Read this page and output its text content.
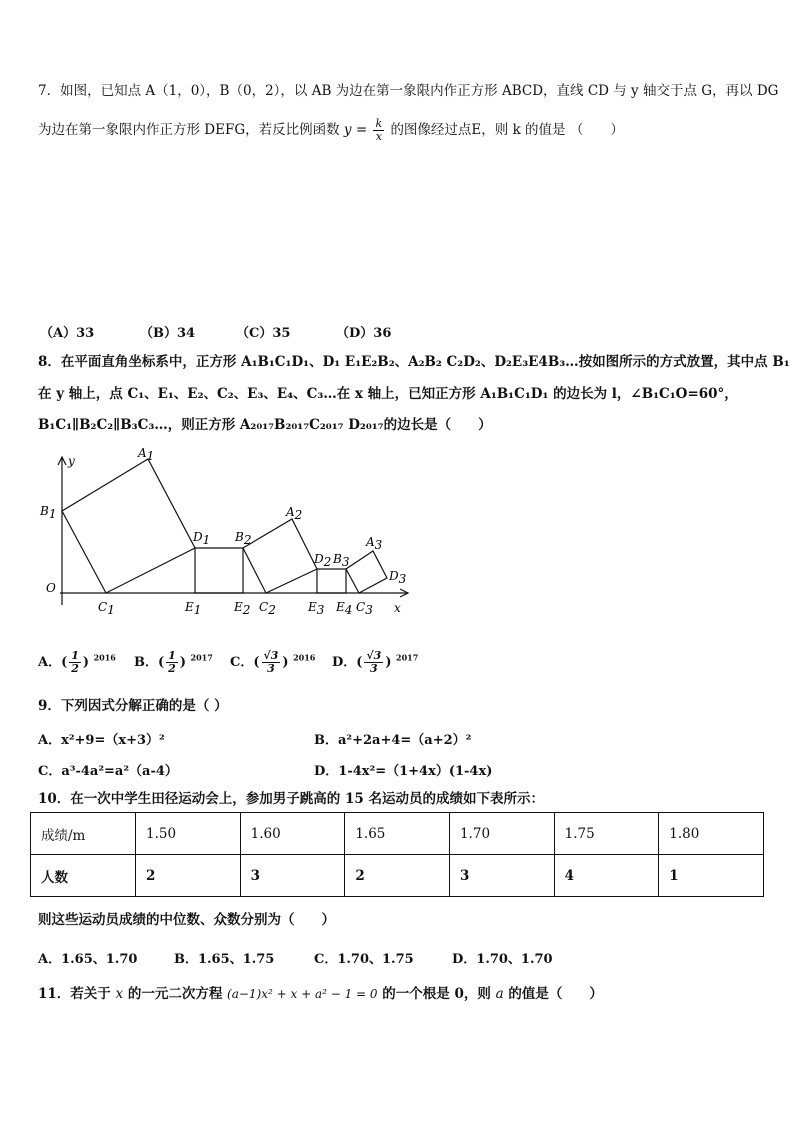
7．如图，已知点 A（1，0），B（0，2），以 AB 为边在第一象限内作正方形 ABCD，直线 CD 与 y 轴交于点 G，再以 DG
为边在第一象限内作正方形 DEFG，若反比例函数 $y = \frac{k}{x}$ 的图像经过点E，则 k 的值是 （　　）
（A）33	（B）34	（C）35	（D）36
8．在平面直角坐标系中，正方形 A₁B₁C₁D₁、D₁ E₁E₂B₂、A₂B₂ C₂D₂、D₂E₃E4B₃…按如图所示的方式放置，其中点 B₁
在 y 轴上，点 C₁、E₁、E₂、C₂、E₃、E₄、C₃…在 x 轴上，已知正方形 A₁B₁C₁D₁ 的边长为 l，∠B₁C₁O=60°，
B₁C₁∥B₂C₂∥B₃C₃…，则正方形 A₂₀₁₇B₂₀₁₇C₂₀₁₇ D₂₀₁₇的边长是（　　）
y
x
O
A1
B1
C1
D1
E1	E2
B2
A2
C2
D2
E3
B3
A3
E4 C3
D3
A．( $\frac{1}{2}$ ) $^{2016}$ B．( $\frac{1}{2}$ ) $^{2017}$ C．( $\frac{√3}{3}$ ) $^{2016}$ D．( $\frac{√3}{3}$ ) $^{2017}$
9．下列因式分解正确的是（ ）
A．x²+9=（x+3）²	B．a²+2a+4=（a+2）²
C．a³-4a²=a²（a-4）	D．1-4x²=（1+4x）(1-4x)
10．在一次中学生田径运动会上，参加男子跳高的 15 名运动员的成绩如下表所示：
成绩/m	1.50	1.60	1.65	1.70	1.75	1.80
人数	2	3	2	3	4	1
则这些运动员成绩的中位数、众数分别为（　　）
A．1.65、1.70	B．1.65、1.75	C．1.70、1.75	D．1.70、1.70
11．若关于 x 的一元二次方程 (a−1)x² + x + a² − 1 = 0 的一个根是 0，则 a 的值是（　　）
